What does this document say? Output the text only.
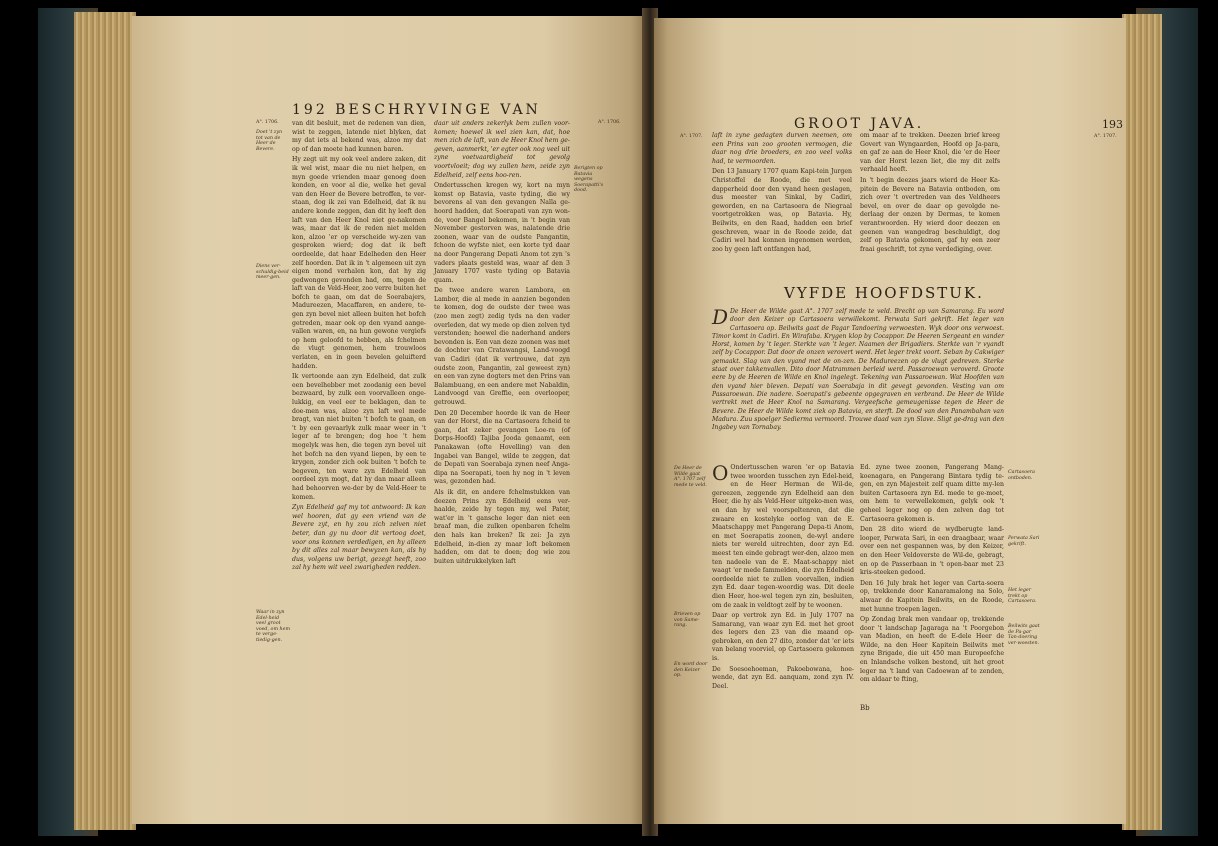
192 BESCHRYVINGE VAN
A°. 1706.	A°. 1706.
Doet 't zyn tot van de Heer de Bevere.
Diens ver-schuldig-beid meer-gen.
Waar in zyn Edel-heid veel groot voed, om hem te verge-tiedig-gen.
Berigten op Batavia wegens Soerapatti's dood.

van dit besluit, met de redenen van dien, wist te zeggen, latende niet blyken, dat my dat iets al bekend was, alzoo my dat op of dan moete had kunnen baren.

Hy zegt uit my ook veel andere zaken, dit ik wel wist, maar die nu niet helpen, en myn goede vrienden maar genoeg doen konden, en voor al die, welke het geval van den Heer de Bevere betroffen, te ver-staan, dog ik zei van Edelheid, dat ik nu andere konde zeggen, dan dit hy leeft den laft van den Heer Knol niet ge-nakomen was, maar dat ik de reden niet melden kon, alzoo 'er op verscheide wy-zen van gesproken wierd; dog dat ik beft oordeelde, dat haar Edelheden den Heer zelf hoorden. Dat ik in 't algemeen uit zyn eigen mond verhalen kon, dat hy zig gedwongen gevonden had, om, tegen de laft van de Veld-Heer, zoo verre buiten het bofch te gaan, om dat de Soerabajers, Madureezen, Macaffaren, en andere, te-gen zyn bevel niet alleen buiten het bofch getreden, maar ook op den vyand aange-vallen waren, en, na hun gewone vergiefs op hem geloofd te hebben, als fchelmen de vlugt genomen, hem trouwloos verlaten, en in geen bevelen geluifterd hadden.

Ik vertoonde aan zyn Edelheid, dat zulk een bevelhebber met zoodanig een bevel bezwaard, by zulk een voorvalleen onge-lukkig, en veel eer te beklagen, dan te doe-men was, alzoo zyn laft wel mede bragt, van niet buiten 't bofch te gaan, en 't by een gevaarlyk zulk maar weer in 't leger af te brengen; dog hoe 't hem mogelyk was hen, die tegen zyn bevel uit het bofch na den vyand liepen, by een te krygen, zonder zich ook buiten 't bofch te begeven, ten ware zyn Edelheid van oordeel zyn mogt, dat hy dan maar alleen had behoorven we-der by de Veld-Heer te komen.

Zyn Edelheid gaf my tot antwoord: Ik kan wel hooren, dat gy een vriend van de Bevere zyt, en hy zou zich zelven niet beter, dan gy nu door dit vertoog doet, voor ons konnen verdedigen, en hy alleen by dit alles zal maar bewyzen kan, als hy dus, volgens uw berigt, gezegt heeft, zoo zal hy hem wit veel zwarigheden redden.

daar uit anders zekerlyk bem zullen voor-komen; hoewel ik wel zien kan, dat, hoe men zich de laft, van de Heer Knol hem ge-geven, aanmerkt, 'er egter ook nog veel uit zyne voetvaardigheid tot gevolg voortvloeit; dog wy zullen hem, zeide zyn Edelheid, zelf eens hoo-ren.

Ondertusschen kregen wy, kort na myn komst op Batavia, vaste tyding, die wy bevorens al van den gevangen Nalla ge-hoord hadden, dat Soerapati van zyn won-de, voor Bangel bekomen, in 't begin van November gestorven was, nalatende drie zoonen, waar van de oudste Pangantin, fchoon de wyfste niet, een korte tyd daar na door Pangerang Depati Anom tot zyn 's vaders plaats gesteld was, waar af den 3 January 1707 vaste tyding op Batavia quam.

De twee andere waren Lambora, en Lambor, die al mede in aanzien begonden te komen, dog de oudste der twee was (zoo men zegt) zedig tyds na den vader overleden, dat wy mede op dien zelven tyd verstonden; hoewel die naderhand anders bevonden is. Een van deze zoonen was met de dochter van Cratawangsi, Land-voogd van Cadiri (dat ik vertrouwe, dat zyn oudste zoon, Pangantin, zal geweest zyn) en een van zyne dogters met den Prins van Balambuang, en een andere met Nabaldin, Landvoogd van Greffie, een overlooper, getrouwd.

Den 20 December hoorde ik van de Heer van der Horst, die na Cartasoera fcheid te gaan, dat zeker gevangen Loe-ra (of Dorps-Hoofd) Tajiba Jooda genaamt, een Panakawan (ofte Hovelling) van den Ingabei van Bangel, wilde te zeggen, dat de Depati van Soerabaja zynen neef Anga-dipa na Soerapati, toen hy nog in 't leven was, gezonden had.

Als ik dit, en andere fchelmstukken van deezen Prins zyn Edelheid eens ver-haalde, zeide hy tegen my, wel Pater, wat'er in 't gansche leger dan niet een braaf man, die zulken openbaren fchelm den hals kan breken? Ik zei: Ja zyn Edelheid, in-dien zy maar loft bekomen hadden, om dat te doen; dog wie zou buiten uitdrukkelyken laft

A°. 1707.	A°. 1707.
GROOT JAVA.	193

laft in zyne gedagten durven neemen, om een Prins van zoo grooten vermogen, die daar nog drie broeders, en zoo veel volks had, te vermoorden.

Den 13 January 1707 quam Kapi-tein Jurgen Christoffel de Roode, die met veel dapperheid door den vyand heen geslagen, dus meester van Sinkal, by Cadiri, geworden, en na Cartasoera de Niegraal voortgetrokken was, op Batavia. Hy, Beilwits, en den Raad, hadden een brief geschreven, waar in de Roode zeide, dat Cadiri wel had konnen ingenomen werden, zoo hy geen laft ontfangen had,

om maar af te trekken. Deezen brief kreeg Govert van Wyngaarden, Hoofd op Ja-para, en gaf ze aan de Heer Knol, die 'er de Heer van der Horst lezen liet, die my dit zelfs verhaald heeft.

In 't begin deezes jaars wierd de Heer Ka-pitein de Bevere na Batavia ontboden, om zich over 't overtreden van des Veldheers bevel, en over de daar op gevolgde ne-derlaag der onzen by Dermas, te komen verantwoorden. Hy wierd door deezen en geenen van wangedrag beschuldigt, dog zelf op Batavia gekomen, gaf hy een zeer fraai geschrift, tot zyne verdediging, over.

VYFDE HOOFDSTUK.
D De Heer de Wilde gaat A°. 1707 zelf mede te veld. Brecht op van Samarang. Eu word door den Keizer op Cartasoera verwillekomt. Perwata Sari gekrift. Het leger van Cartasoera op. Beilwits gaat de Pagar Tandoering verwoesten. Wyk door ons verwoest. Timor komt in Cadiri. En Wirafaba. Krygen klop by Cocappor. De Heeren Sergeant en vander Horst, komen by 't leger. Sterkte van 't leger. Naamen der Brigadiers. Sterkte van 'r vyandt zelf by Cocappor. Dat door de onzen verovert werd. Het leger trekt voort. Seban by Cakwiger gemaakt. Slag van den vyand met de on-zen. De Madureezen op de vlugt gedreven. Sterke staat over takkenvallen. Dito door Matrammen berleid werd. Passaroewan veroverd. Groote eere by de Heeren de Wilde en Knol ingelegt. Tekening van Passaroewan. Wat Hoofden van den vyand hier bleven. Depati van Soerabaja in dit gevegt gevonden. Vesting van om Passaroewan. Die nadere. Soerapati's gebeente opgegraven en verbrand. De Heer de Wilde vertrekt met de Heer Knol na Samarang. Vergeefsche gemeugenisse tegen de Heer de Bevere. De Heer de Wilde komt ziek op Batavia, en sterft. De dood van den Panambahan van Madura. Zuu spoelger Sedierma vermoord. Trouwe daad van zyn Slave. Sligt ge-drag van den Ingabey van Tornabay.
De Heer de Wilde gaat A°. 1707 zelf mede te veld.
Brieven op von Same-rang.
En word door den Keizer op.
Cartasoera ontboden.
Perwata Sari gekrift.
Het leger trekt op Cartasoera.
Beilwits gaat de Pa-gar Tan-doering ver-woesten.

O Ondertusschen waren 'er op Batavia twee woorden tusschen zyn Edel-heid, en de Heer Herman de Wil-de, gereezen, zeggende zyn Edelheid aan den Heer, die hy als Veld-Heer uitgeko-men was, en dan hy wel voorspeltenren, dat die zwaare en kostelyke oorlog van de E. Maatschappy met Pangerang Depa-ti Anom, en met Soerapatis zoonen, de-wyl andere niets ter wereld uitrechten, door zyn Ed. meest ten einde gebragt wer-den, alzoo men ten nadeele van de E. Maat-schappy niet waagt 'er mede fammelden, die zyn Edelheid oordeelde niet te zullen voorvallen, indien zyn Ed. daar tegen-woordig was. Dit deele dien Heer, hoe-wel tegen zyn zin, besluiten, om de zaak in veldtogt zelf by te woonen.

Daar op vertrok zyn Ed. in July 1707 na Samarang, van waar zyn Ed. met het groot des legers den 23 van die maand op-gebroken, en den 27 dito, zonder dat 'er iets van belang voorviel, op Cartasoera gekomen is.

De Soesoehoeman, Pakoebowana, hoe-wende, dat zyn Ed. aanquam, zond zyn IV. Deel.

Ed. zyne twee zoonen, Pangerang Mang-koenagara, en Pangerang Bintara tydig te-gen, en zyn Majesteit zelf quam ditte my-len buiten Cartasoera zyn Ed. mede te ge-moet, om hem te verwellekomen, gelyk ook 't geheel leger nog op den zelven dag tot Cartasoera gekomen is.

Den 28 dito wierd de wydberugte land-looper, Perwata Sari, in een draagbaar, waar over een net gespannen was, by den Keizer, en den Heer Veldoverste de Wil-de, gebragt, en op de Passerbaan in 't open-baar met 23 kris-steeken gedood.

Den 16 July brak het leger van Carta-soera op, trekkende door Kanaramalong na Solo, alwaar de Kapitein Beilwits, en de Roode, met hunne troepen lagen.

Op Zondag brak men vandaar op, trekkende door 't landschap Jagaraga na 't Poorgebon van Madion, en heeft de E-dele Heer de Wilde, na den Heer Kapitein Beilwits met zyne Brigade, die uit 450 man Europeefche en Inlandsche volken bestond, uit het groot leger na 't land van Cadoewan af te zenden, om aldaar te fting,

Bb
